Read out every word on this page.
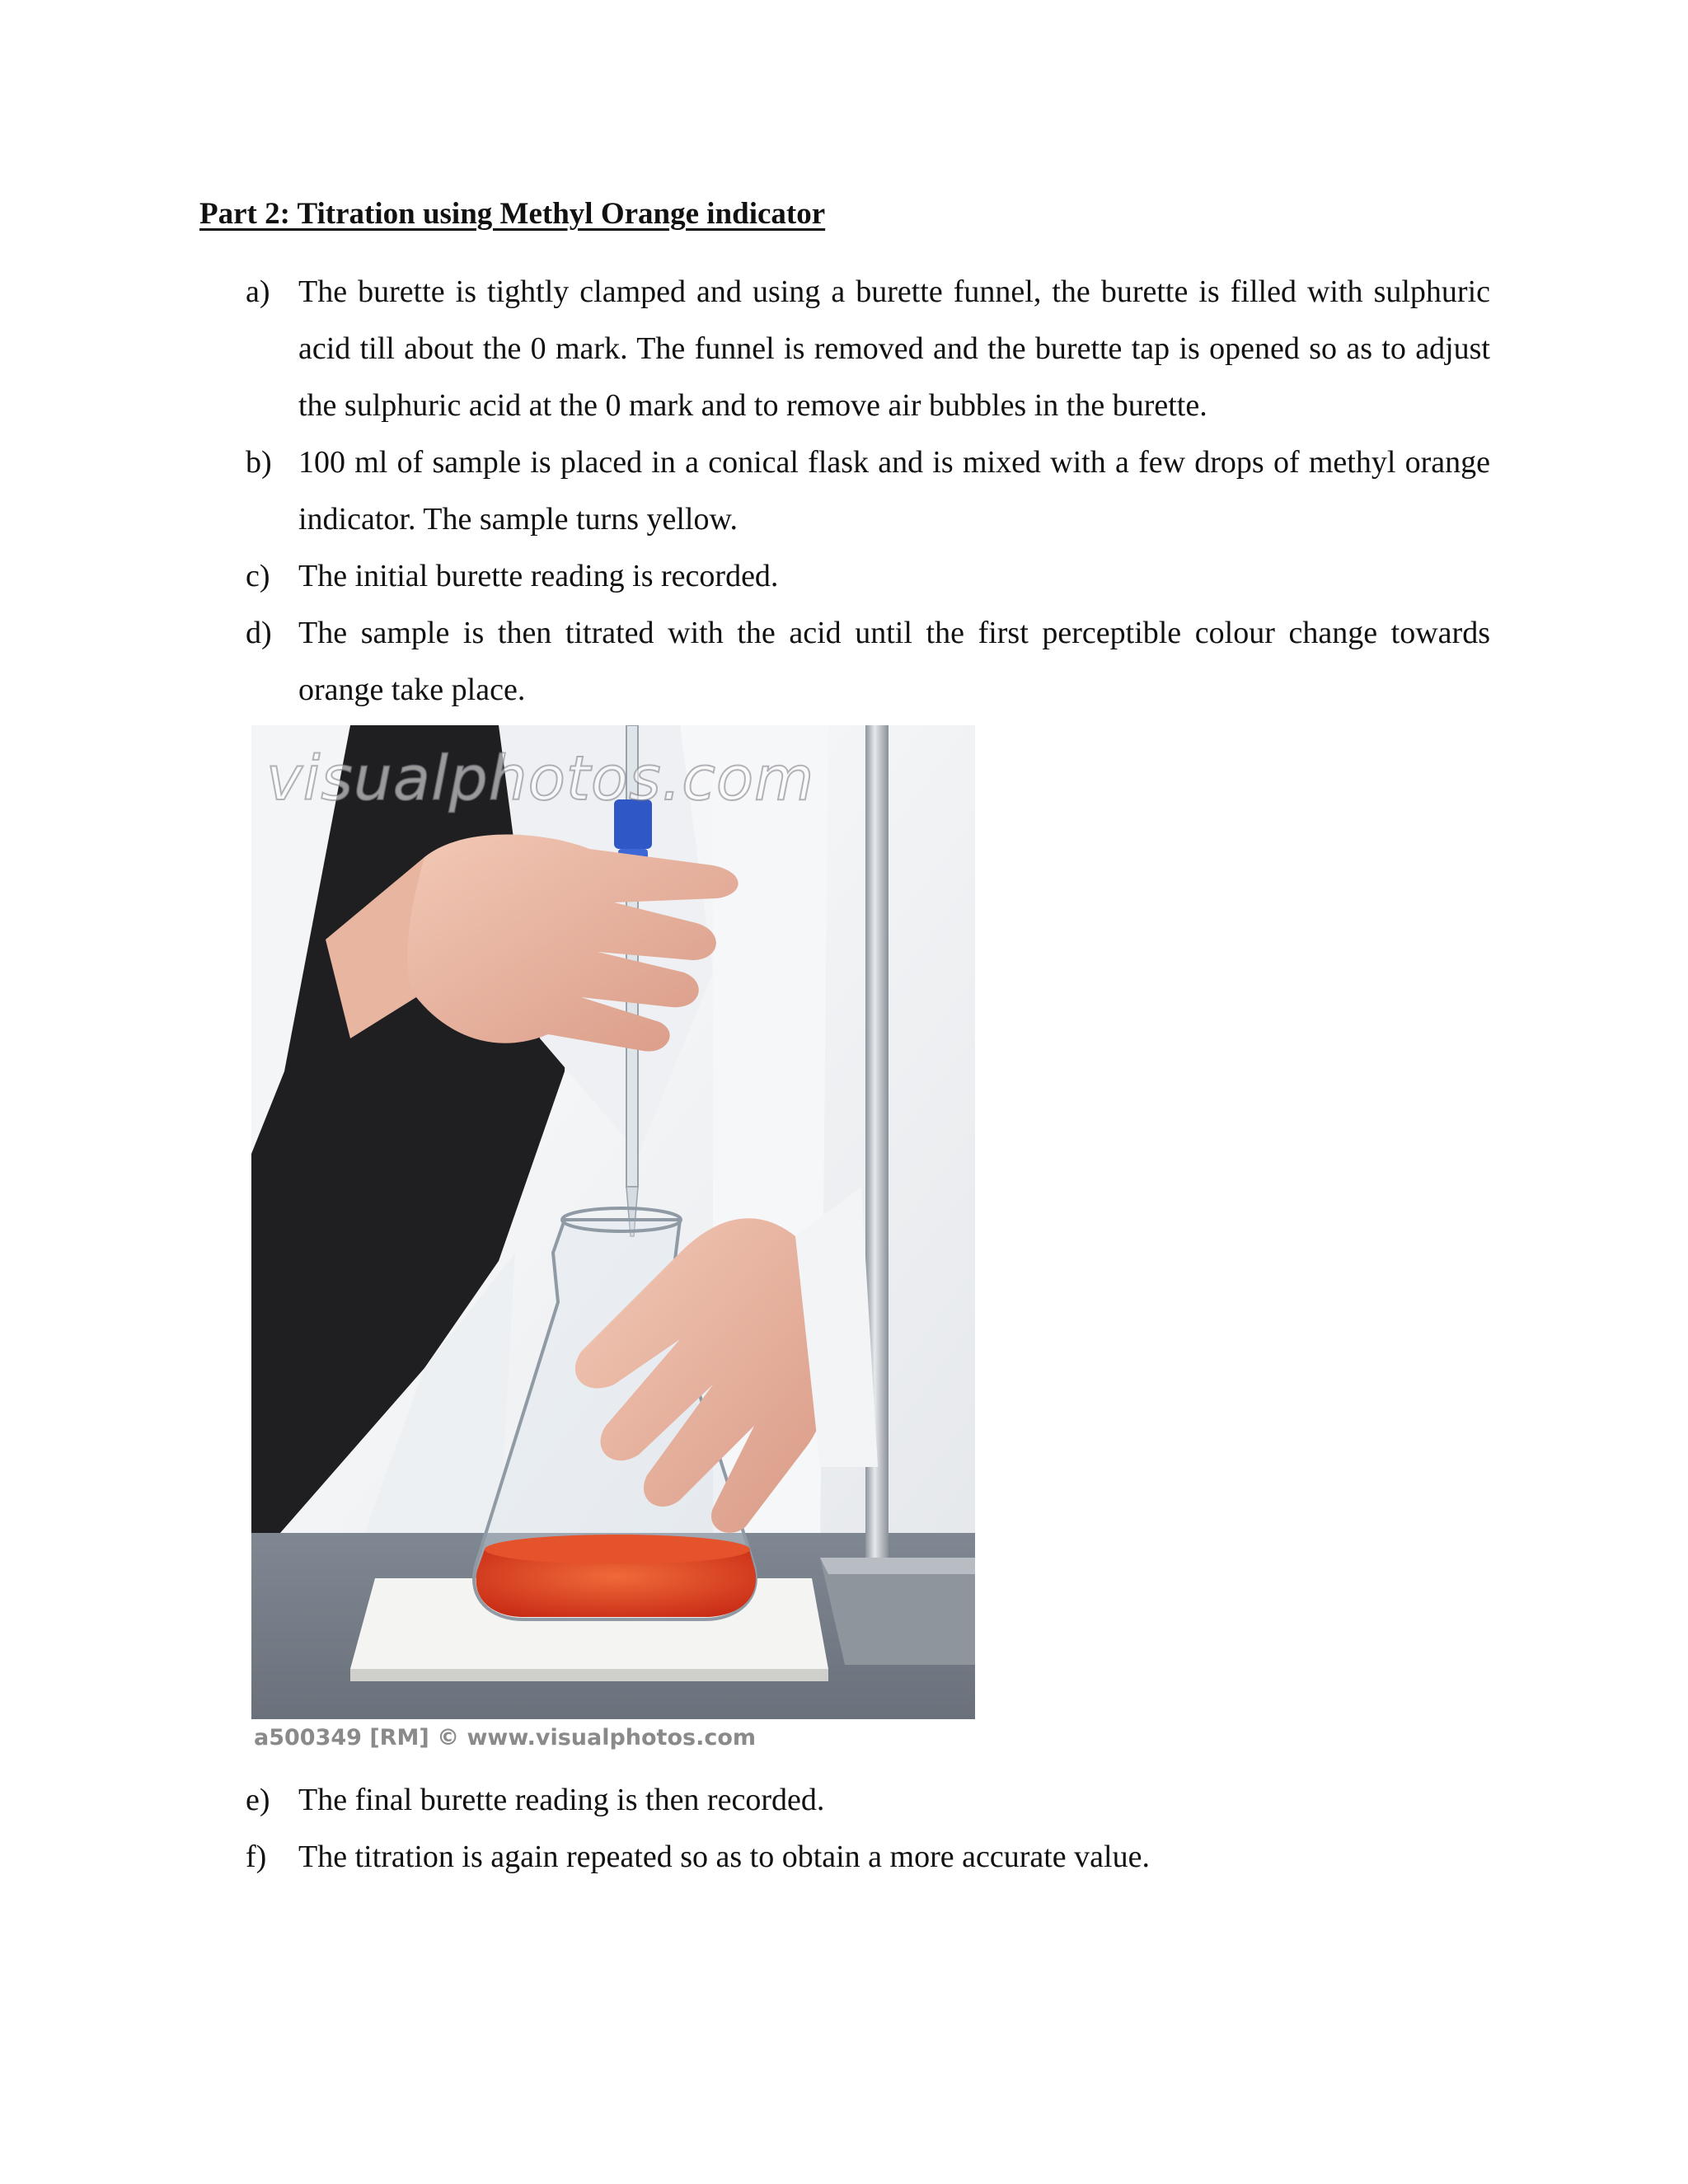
Part 2: Titration using Methyl Orange indicator
a) The burette is tightly clamped and using a burette funnel, the burette is filled with sulphuric acid till about the 0 mark. The funnel is removed and the burette tap is opened so as to adjust the sulphuric acid at the 0 mark and to remove air bubbles in the burette.
b) 100 ml of sample is placed in a conical flask and is mixed with a few drops of methyl orange indicator. The sample turns yellow.
c) The initial burette reading is recorded.
d) The sample is then titrated with the acid until the first perceptible colour change towards orange take place.
e) The final burette reading is then recorded.
f)	The titration is again repeated so as to obtain a more accurate value.
visualphotos.com
a500349 [RM] © www.visualphotos.com
